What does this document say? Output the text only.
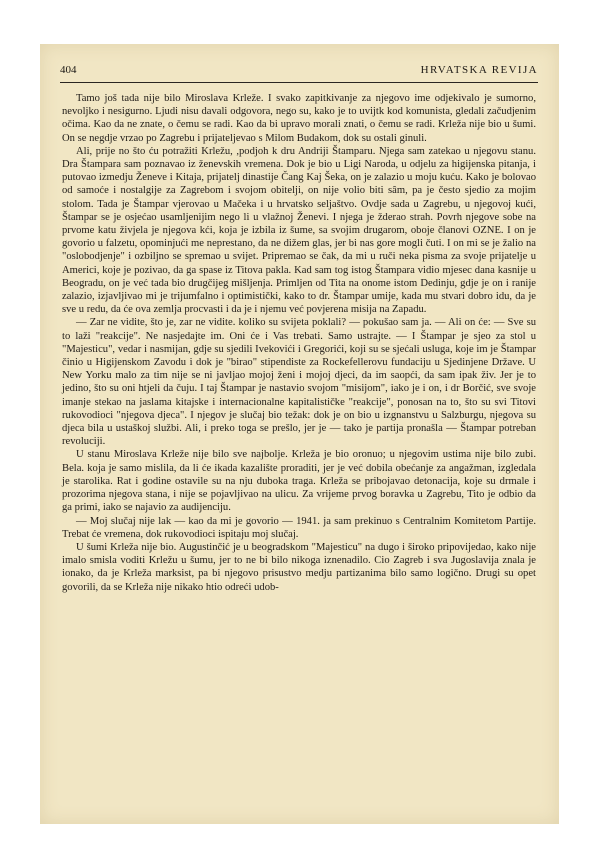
404	HRVATSKA REVIJA

Tamo još tada nije bilo Miroslava Krleže. I svako zapitkivanje za njegovo ime odjekivalo je sumorno, nevoljko i nesigurno. Ljudi nisu davali odgovora, nego su, kako je to uvijtk kod komunista, gledali začudjenim očima. Kao da ne znate, o čemu se radi. Kao da bi upravo morali znati, o čemu se radi. Krleža nije bio u šumi. On se negdje vrzao po Zagrebu i prijateljevao s Milom Budakom, dok su ostali ginuli.

Ali, prije no što ću potražiti Krležu, ,podjoh k dru Andriji Štamparu. Njega sam zatekao u njegovu stanu. Dra Štampara sam poznavao iz ženevskih vremena. Dok je bio u Ligi Naroda, u odjelu za higijenska pitanja, i putovao izmedju Ženeve i Kitaja, prijatelj dinastije Čang Kaj Šeka, on je zalazio u moju kuću. Kako je bolovao od samoće i nostalgije za Zagrebom i svojom obitelji, on nije volio biti sâm, pa je često sjedio za mojim stolom. Tada je Štampar vjerovao u Mačeka i u hrvatsko seljaštvo. Ovdje sada u Zagrebu, u njegovoj kući, Štampar se je osjećao usamljenijim nego li u vlažnoj Ženevi. I njega je žderao strah. Povrh njegove sobe na prvome katu živjela je njegova kći, koja je izbila iz šume, sa svojim drugarom, oboje članovi OZNE. I on je govorio u falzetu, opominjući me neprestano, da ne dižem glas, jer bi nas gore mogli čuti. I on mi se je žalio na "oslobodjenje" i ozbiljno se spremao u svijet. Pripremao se čak, da mi u ruči neka pisma za svoje prijatelje u Americi, koje je pozivao, da ga spase iz Titova pakla. Kad sam tog istog Štampara vidio mjesec dana kasnije u Beogradu, on je već tada bio drugčijeg mišljenja. Primljen od Tita na onome istom Dedinju, gdje je on i ranije zalazio, izjavljivao mi je trijumfalno i optimistički, kako to dr. Štampar umije, kada mu stvari dobro idu, da je sve u redu, da će ova zemlja procvasti i da je i njemu već povjerena misija na Zapadu.

— Zar ne vidite, što je, zar ne vidite. koliko su svijeta poklali? — pokušao sam ja. — Ali on će: — Sve su to laži "reakcije". Ne nasjedajte im. Oni će i Vas trebati. Samo ustrajte. — I Štampar je sjeo za stol u "Majesticu", vedar i nasmijan, gdje su sjedili Ivekovići i Gregorići, koji su se sjećali usluga, koje im je Štampar činio u Higijenskom Zavodu i dok je "birao" stipendiste za Rockefellerovu fundaciju u Sjedinjene Države. U New Yorku malo za tim nije se ni javljao mojoj ženi i mojoj djeci, da im saopći, da sam ipak živ. Jer je to jedino, što su oni htjeli da čuju. I taj Štampar je nastavio svojom "misijom", iako je i on, i dr Borčić, sve svoje imanje stekao na jaslama kitajske i internacionalne kapitalističke "reakcije", ponosan na to, što su svi Titovi rukovodioci "njegova djeca". I njegov je slučaj bio težak: dok je on bio u izgnanstvu u Salzburgu, njegova su djeca bila u ustaškoj službi. Ali, i preko toga se prešlo, jer je — tako je partija pronašla — Štampar potreban revoluciji.

U stanu Miroslava Krleže nije bilo sve najbolje. Krleža je bio oronuo; u njegovim ustima nije bilo zubi. Bela. koja je samo mislila, da li će ikada kazalište proraditi, jer je već dobila obećanje za angažman, izgledala je starolika. Rat i godine ostavile su na nju duboka traga. Krleža se pribojavao detonacija, koje su drmale i prozorima njegova stana, i nije se pojavljivao na ulicu. Za vrijeme prvog boravka u Zagrebu, Tito je odbio da ga primi, iako se najavio za audijenciju.

— Moj slučaj nije lak — kao da mi je govorio — 1941. ja sam prekinuo s Centralnim Komitetom Partije. Trebat će vremena, dok rukovodioci ispitaju moj slučaj.

U šumi Krleža nije bio. Augustinčić je u beogradskom "Majesticu" na dugo i široko pripovijedao, kako nije imalo smisla voditi Krležu u šumu, jer to ne bi bilo nikoga iznenadilo. Cio Zagreb i sva Jugoslavija znala je ionako, da je Krleža marksist, pa bi njegovo prisustvo medju partizanima bilo samo logično. Drugi su opet govorili, da se Krleža nije nikako htio odreći udob-
